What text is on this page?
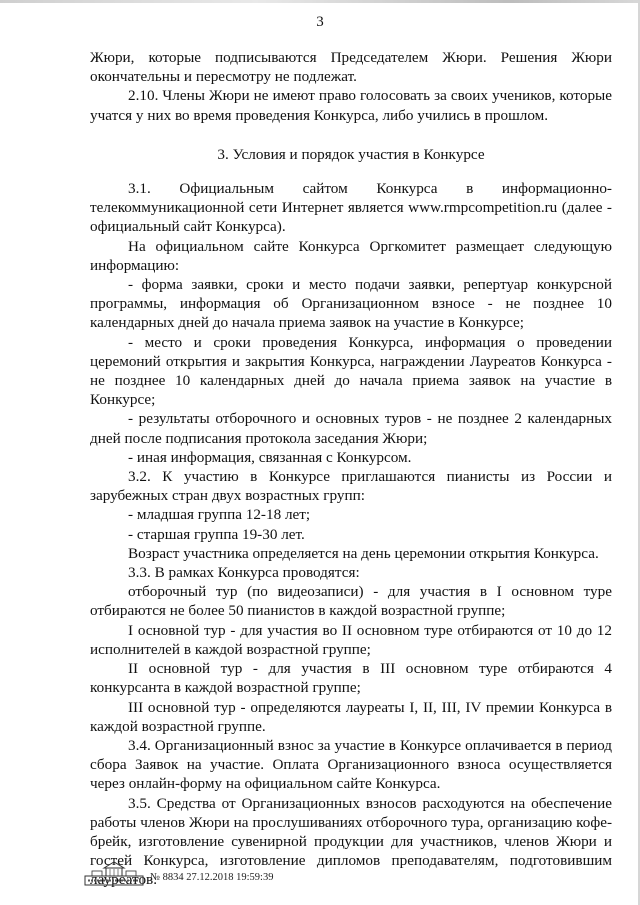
3

Жюри, которые подписываются Председателем Жюри. Решения Жюри окончательны и пересмотру не подлежат.

2.10. Члены Жюри не имеют право голосовать за своих учеников, которые учатся у них во время проведения Конкурса, либо учились в прошлом.

3. Условия и порядок участия в Конкурсе

3.1. Официальным сайтом Конкурса в информационно-телекоммуникационной сети Интернет является www.rmpcompetition.ru (далее - официальный сайт Конкурса).

На официальном сайте Конкурса Оргкомитет размещает следующую информацию:

- форма заявки, сроки и место подачи заявки, репертуар конкурсной программы, информация об Организационном взносе - не позднее 10 календарных дней до начала приема заявок на участие в Конкурсе;

- место и сроки проведения Конкурса, информация о проведении церемоний открытия и закрытия Конкурса, награждении Лауреатов Конкурса - не позднее 10 календарных дней до начала приема заявок на участие в Конкурсе;

- результаты отборочного и основных туров - не позднее 2 календарных дней после подписания протокола заседания Жюри;

- иная информация, связанная с Конкурсом.

3.2. К участию в Конкурсе приглашаются пианисты из России и зарубежных стран двух возрастных групп:

- младшая группа 12-18 лет;

- старшая группа 19-30 лет.

Возраст участника определяется на день церемонии открытия Конкурса.

3.3. В рамках Конкурса проводятся:

отборочный тур (по видеозаписи) - для участия в I основном туре отбираются не более 50 пианистов в каждой возрастной группе;

I основной тур - для участия во II основном туре отбираются от 10 до 12 исполнителей в каждой возрастной группе;

II основной тур - для участия в III основном туре отбираются 4 конкурсанта в каждой возрастной группе;

III основной тур - определяются лауреаты I, II, III, IV премии Конкурса в каждой возрастной группе.

3.4. Организационный взнос за участие в Конкурсе оплачивается в период сбора Заявок на участие. Оплата Организационного взноса осуществляется через онлайн-форму на официальном сайте Конкурса.

3.5. Средства от Организационных взносов расходуются на обеспечение работы членов Жюри на прослушиваниях отборочного тура, организацию кофе-брейк, изготовление сувенирной продукции для участников, членов Жюри и гостей Конкурса, изготовление дипломов преподавателям, подготовившим лауреатов.

№ 8834 27.12.2018 19:59:39
